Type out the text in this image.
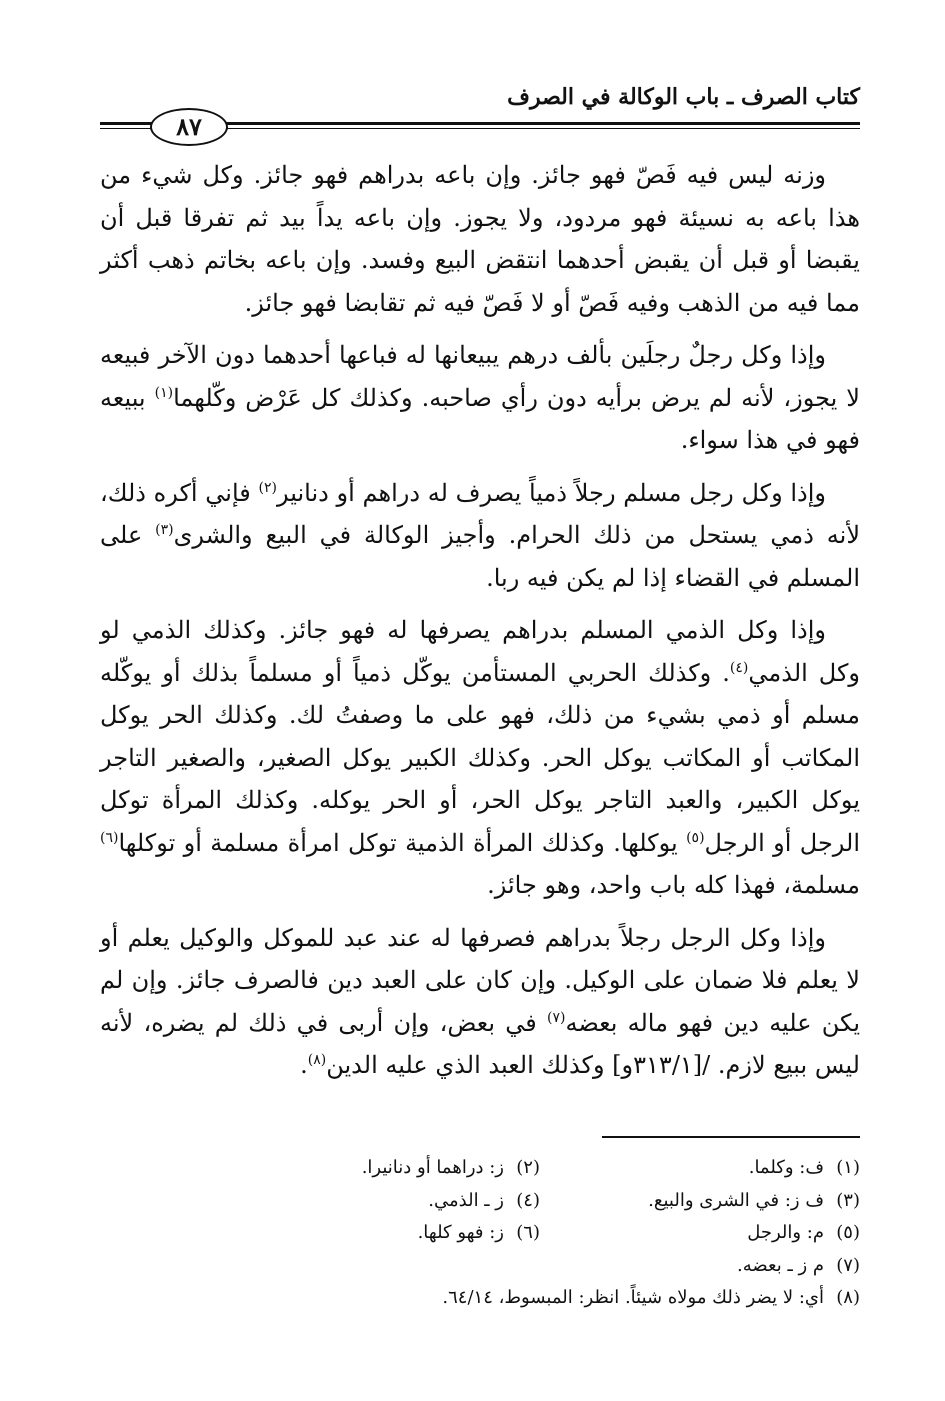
كتاب الصرف ـ باب الوكالة في الصرف
٨٧

وزنه ليس فيه فَصّ فهو جائز. وإن باعه بدراهم فهو جائز. وكل شيء من هذا باعه به نسيئة فهو مردود، ولا يجوز. وإن باعه يداً بيد ثم تفرقا قبل أن يقبضا أو قبل أن يقبض أحدهما انتقض البيع وفسد. وإن باعه بخاتم ذهب أكثر مما فيه من الذهب وفيه فَصّ أو لا فَصّ فيه ثم تقابضا فهو جائز.

وإذا وكل رجلٌ رجلَين بألف درهم يبيعانها له فباعها أحدهما دون الآخر فبيعه لا يجوز، لأنه لم يرض برأيه دون رأي صاحبه. وكذلك كل عَرْض وكّلهما$^{(١)}$ ببيعه فهو في هذا سواء.

وإذا وكل رجل مسلم رجلاً ذمياً يصرف له دراهم أو دنانير$^{(٢)}$ فإني أكره ذلك، لأنه ذمي يستحل من ذلك الحرام. وأجيز الوكالة في البيع والشرى$^{(٣)}$ على المسلم في القضاء إذا لم يكن فيه ربا.

وإذا وكل الذمي المسلم بدراهم يصرفها له فهو جائز. وكذلك الذمي لو وكل الذمي$^{(٤)}$. وكذلك الحربي المستأمن يوكّل ذمياً أو مسلماً بذلك أو يوكّله مسلم أو ذمي بشيء من ذلك، فهو على ما وصفتُ لك. وكذلك الحر يوكل المكاتب أو المكاتب يوكل الحر. وكذلك الكبير يوكل الصغير، والصغير التاجر يوكل الكبير، والعبد التاجر يوكل الحر، أو الحر يوكله. وكذلك المرأة توكل الرجل أو الرجل$^{(٥)}$ يوكلها. وكذلك المرأة الذمية توكل امرأة مسلمة أو توكلها$^{(٦)}$ مسلمة، فهذا كله باب واحد، وهو جائز.

وإذا وكل الرجل رجلاً بدراهم فصرفها له عند عبد للموكل والوكيل يعلم أو لا يعلم فلا ضمان على الوكيل. وإن كان على العبد دين فالصرف جائز. وإن لم يكن عليه دين فهو ماله بعضه$^{(٧)}$ في بعض، وإن أربى في ذلك لم يضره، لأنه ليس ببيع لازم. /[٣١٣/١و] وكذلك العبد الذي عليه الدين$^{(٨)}$.

(١)ف: وكلما.
(٢)ز: دراهما أو دنانيرا.
(٣)ف ز: في الشرى والبيع.
(٤)ز ـ الذمي.
(٥)م: والرجل
(٦)ز: فهو كلها.
(٧)م ز ـ بعضه.
(٨)أي: لا يضر ذلك مولاه شيئاً. انظر: المبسوط، ٦٤/١٤.
